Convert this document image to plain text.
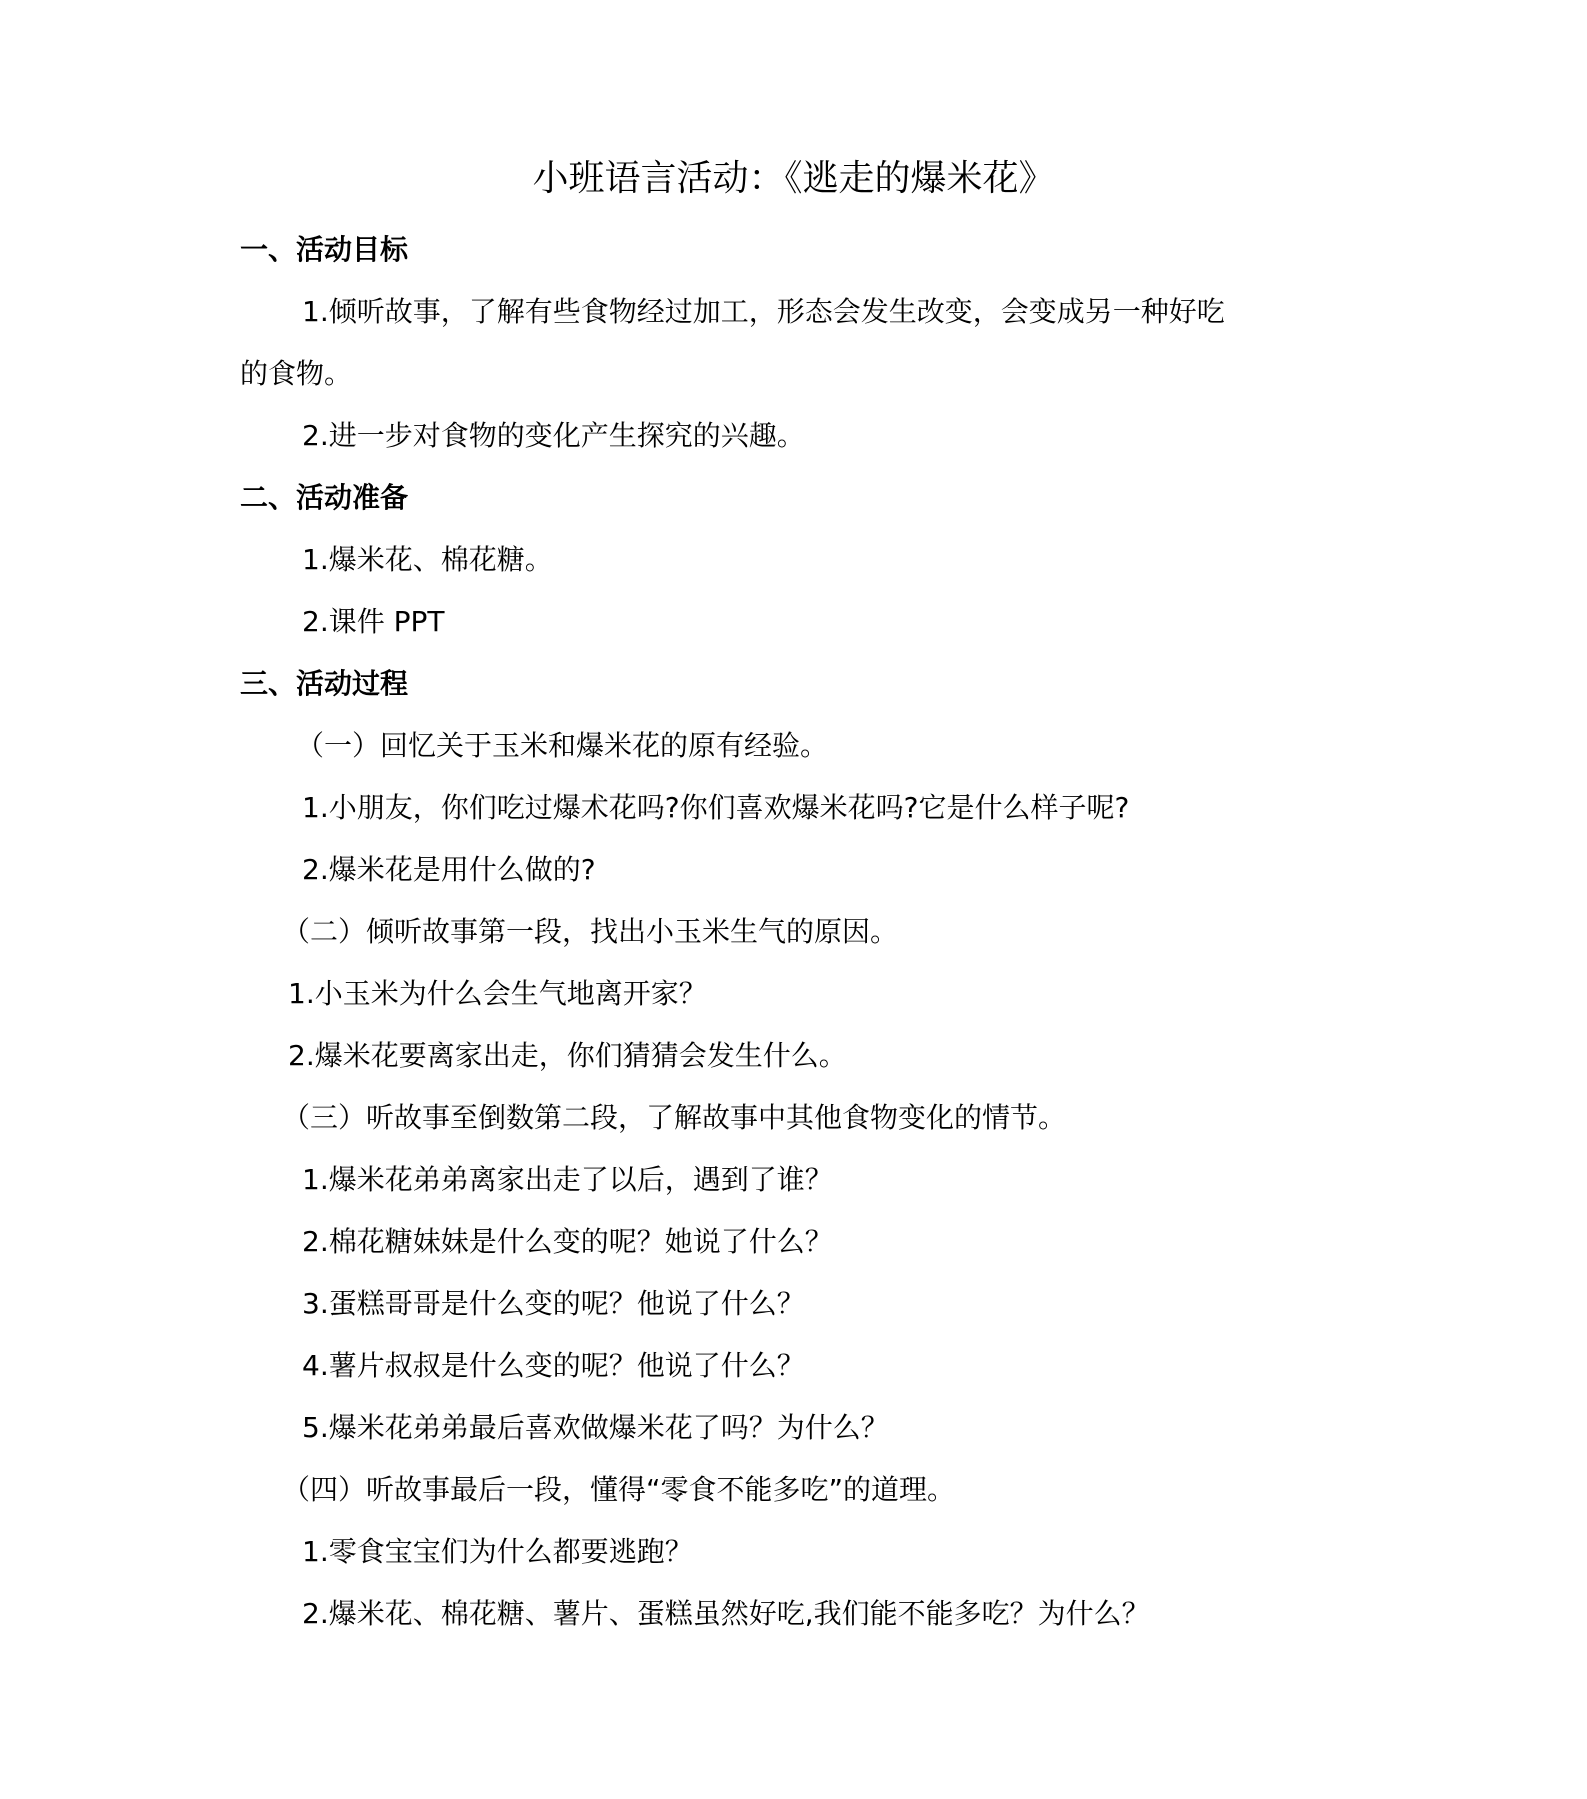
小班语言活动：《逃走的爆米花》
一、活动目标
1.倾听故事，了解有些食物经过加工，形态会发生改变，会变成另一种好吃
的食物。
2.进一步对食物的变化产生探究的兴趣。
二、活动准备
1.爆米花、棉花糖。
2.课件 PPT
三、活动过程
（一）回忆关于玉米和爆米花的原有经验。
1.小朋友，你们吃过爆术花吗?你们喜欢爆米花吗?它是什么样子呢?
2.爆米花是用什么做的?
（二）倾听故事第一段，找出小玉米生气的原因。
1.小玉米为什么会生气地离开家？
2.爆米花要离家出走，你们猜猜会发生什么。
（三）听故事至倒数第二段，了解故事中其他食物变化的情节。
1.爆米花弟弟离家出走了以后，遇到了谁？
2.棉花糖妹妹是什么变的呢？她说了什么？
3.蛋糕哥哥是什么变的呢？他说了什么？
4.薯片叔叔是什么变的呢？他说了什么？
5.爆米花弟弟最后喜欢做爆米花了吗？为什么？
（四）听故事最后一段，懂得“零食不能多吃”的道理。
1.零食宝宝们为什么都要逃跑？
2.爆米花、棉花糖、薯片、蛋糕虽然好吃,我们能不能多吃？为什么？
